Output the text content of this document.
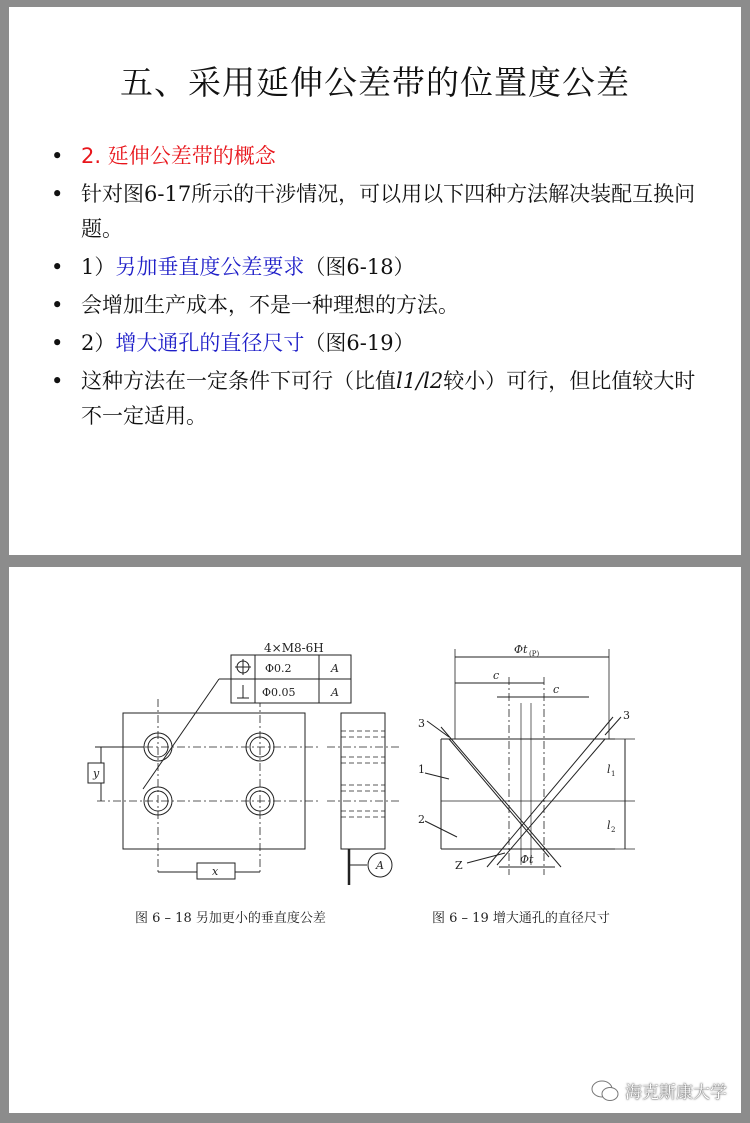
五、采用延伸公差带的位置度公差
• 2. 延伸公差带的概念
• 针对图6-17所示的干涉情况，可以用以下四种方法解决装配互换问题。
• 1）另加垂直度公差要求（图6-18）
• 会增加生产成本，不是一种理想的方法。
• 2）增大通孔的直径尺寸（图6-19）
• 这种方法在一定条件下可行（比值l1/l2较小）可行，但比值较大时不一定适用。
4×M8-6H
Φ0.2	A
Φ0.05	A
y
x	A
Φt (P)
c
c
3
3
1
2
Z
l 1
l 2
Φt
图 6 – 18 另加更小的垂直度公差	图 6 – 19 增大通孔的直径尺寸
海克斯康大学
